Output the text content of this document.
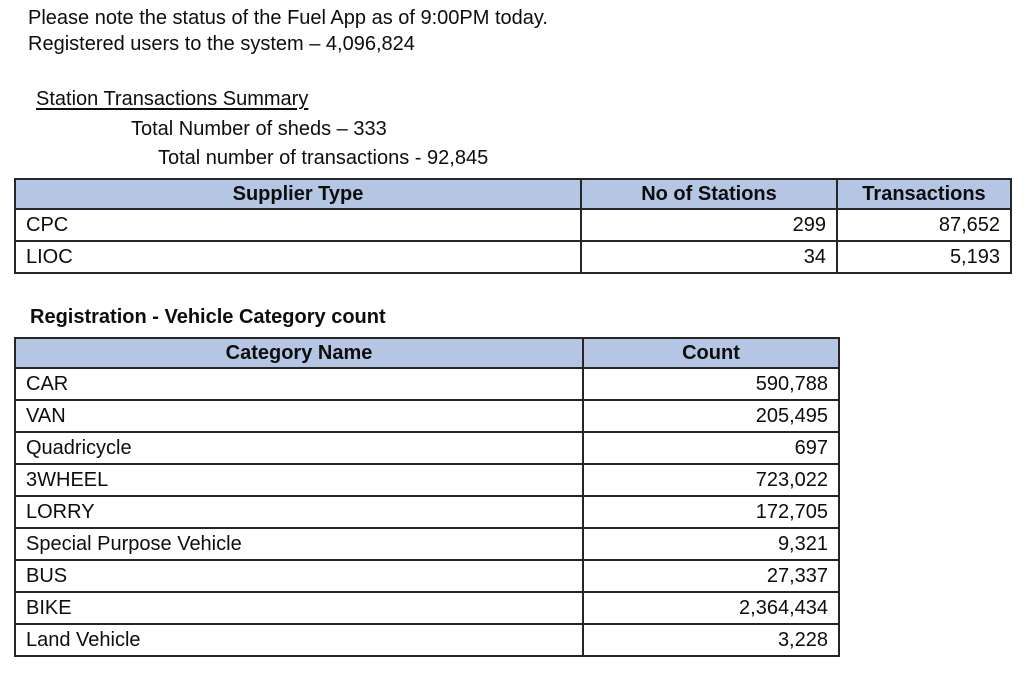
Please note the status of the Fuel App as of 9:00PM today.
Registered users to the system – 4,096,824
Station Transactions Summary
Total Number of sheds – 333
Total number of transactions - 92,845
Supplier Type	No of Stations	Transactions
CPC	299	87,652
LIOC	34	5,193
Registration - Vehicle Category count
Category Name	Count
CAR	590,788
VAN	205,495
Quadricycle	697
3WHEEL	723,022
LORRY	172,705
Special Purpose Vehicle	9,321
BUS	27,337
BIKE	2,364,434
Land Vehicle	3,228
